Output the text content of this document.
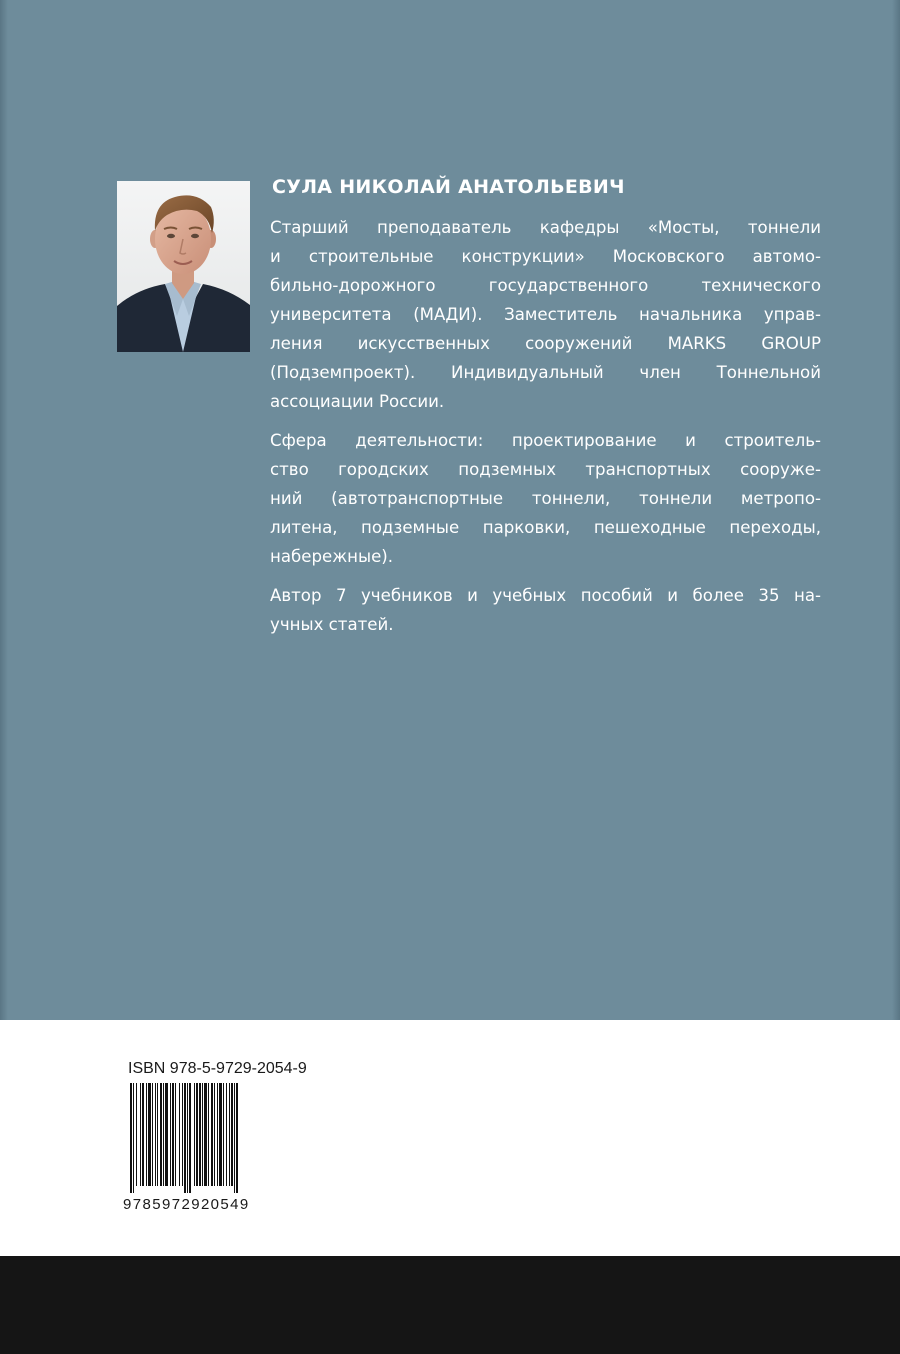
СУЛА НИКОЛАЙ АНАТОЛЬЕВИЧ

Старший преподаватель кафедры «Мосты, тоннели
и строительные конструкции» Московского автомо-
бильно-дорожного государственного технического
университета (МАДИ). Заместитель начальника управ-
ления искусственных сооружений MARKS GROUP
(Подземпроект). Индивидуальный член Тоннельной
ассоциации России.

Сфера деятельности: проектирование и строитель-
ство городских подземных транспортных сооруже-
ний (автотранспортные тоннели, тоннели метропо-
литена, подземные парковки, пешеходные переходы,
набережные).

Автор 7 учебников и учебных пособий и более 35 на-
учных статей.

ISBN 978-5-9729-2054-9
9785972920549
